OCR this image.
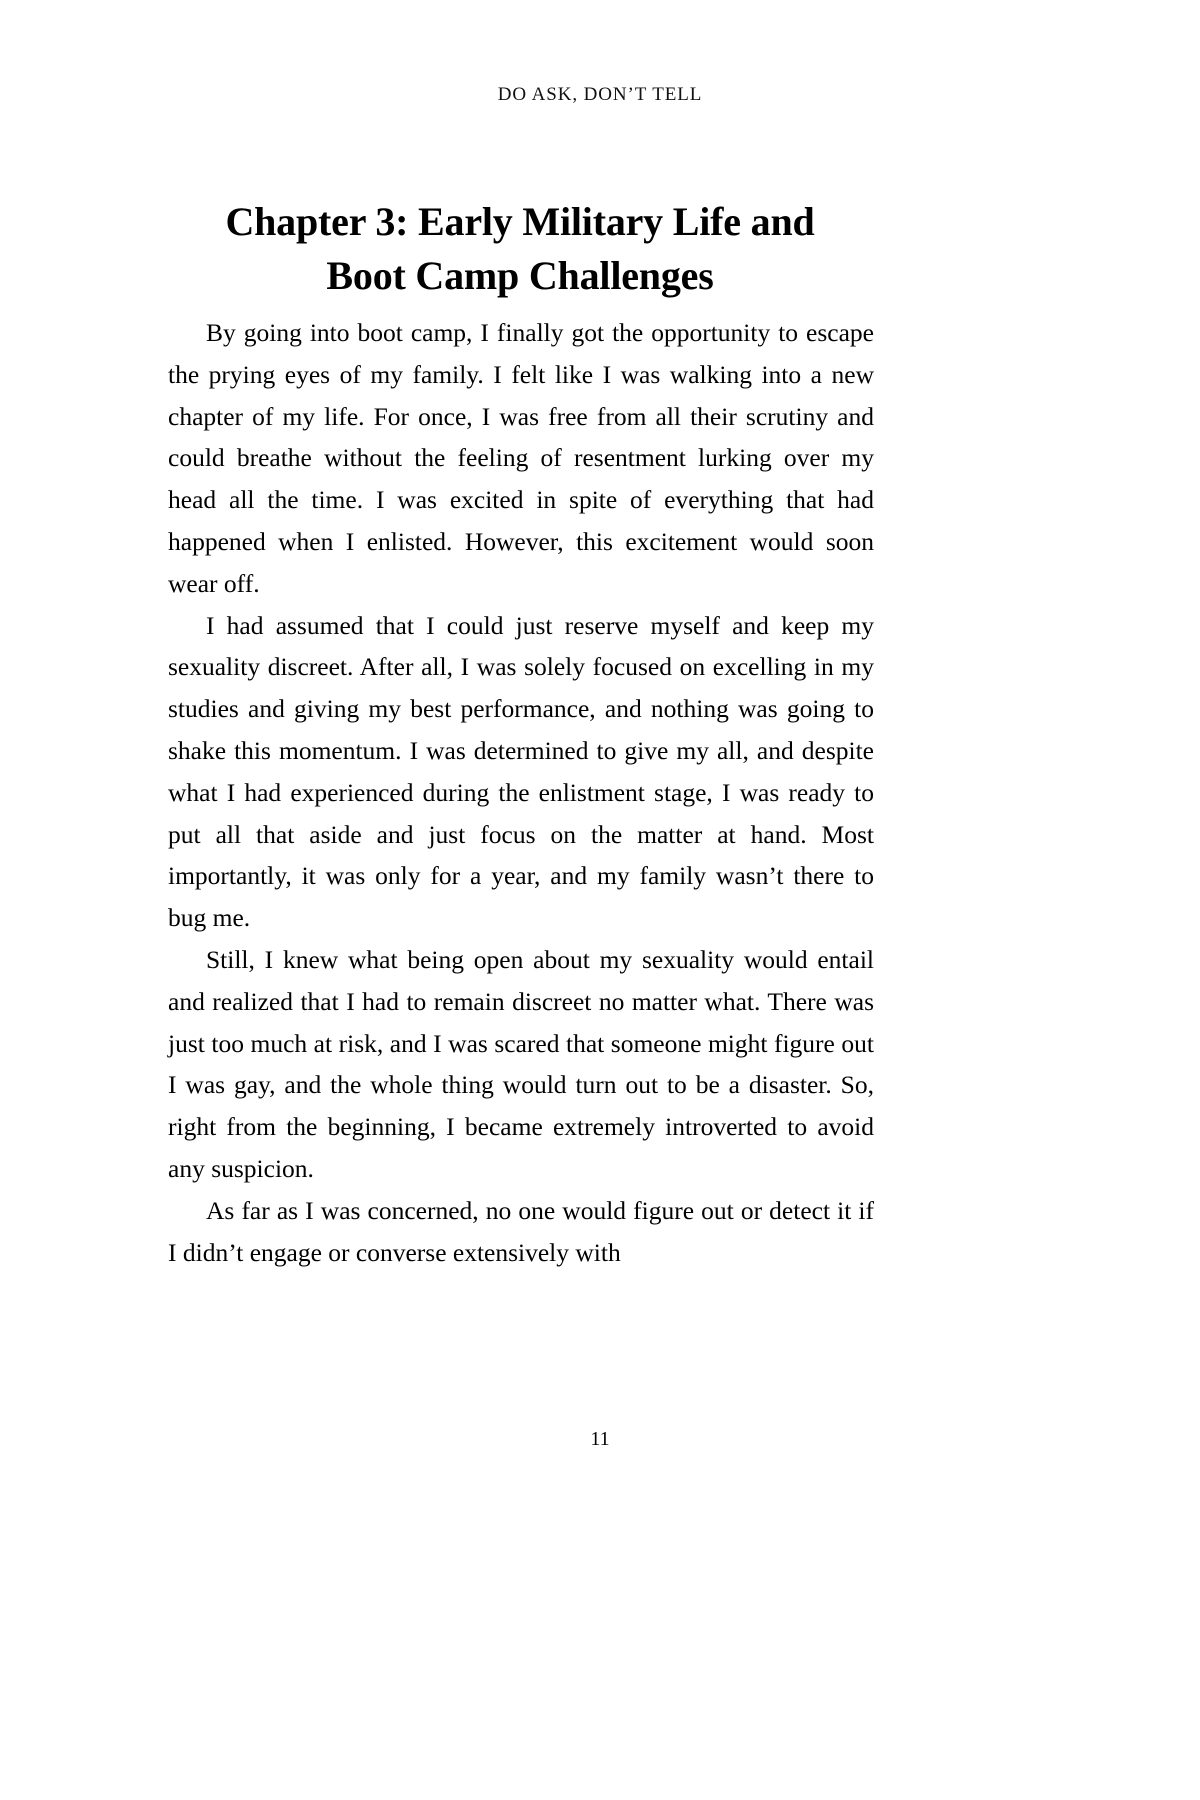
DO ASK, DON’T TELL
Chapter 3: Early Military Life and
Boot Camp Challenges

By going into boot camp, I finally got the opportunity to escape the prying eyes of my family. I felt like I was walking into a new chapter of my life. For once, I was free from all their scrutiny and could breathe without the feeling of resentment lurking over my head all the time. I was excited in spite of everything that had happened when I enlisted. However, this excitement would soon wear off.

I had assumed that I could just reserve myself and keep my sexuality discreet. After all, I was solely focused on excelling in my studies and giving my best performance, and nothing was going to shake this momentum. I was determined to give my all, and despite what I had experienced during the enlistment stage, I was ready to put all that aside and just focus on the matter at hand. Most importantly, it was only for a year, and my family wasn’t there to bug me.

Still, I knew what being open about my sexuality would entail and realized that I had to remain discreet no matter what. There was just too much at risk, and I was scared that someone might figure out I was gay, and the whole thing would turn out to be a disaster. So, right from the beginning, I became extremely introverted to avoid any suspicion.

As far as I was concerned, no one would figure out or detect it if I didn’t engage or converse extensively with

11
